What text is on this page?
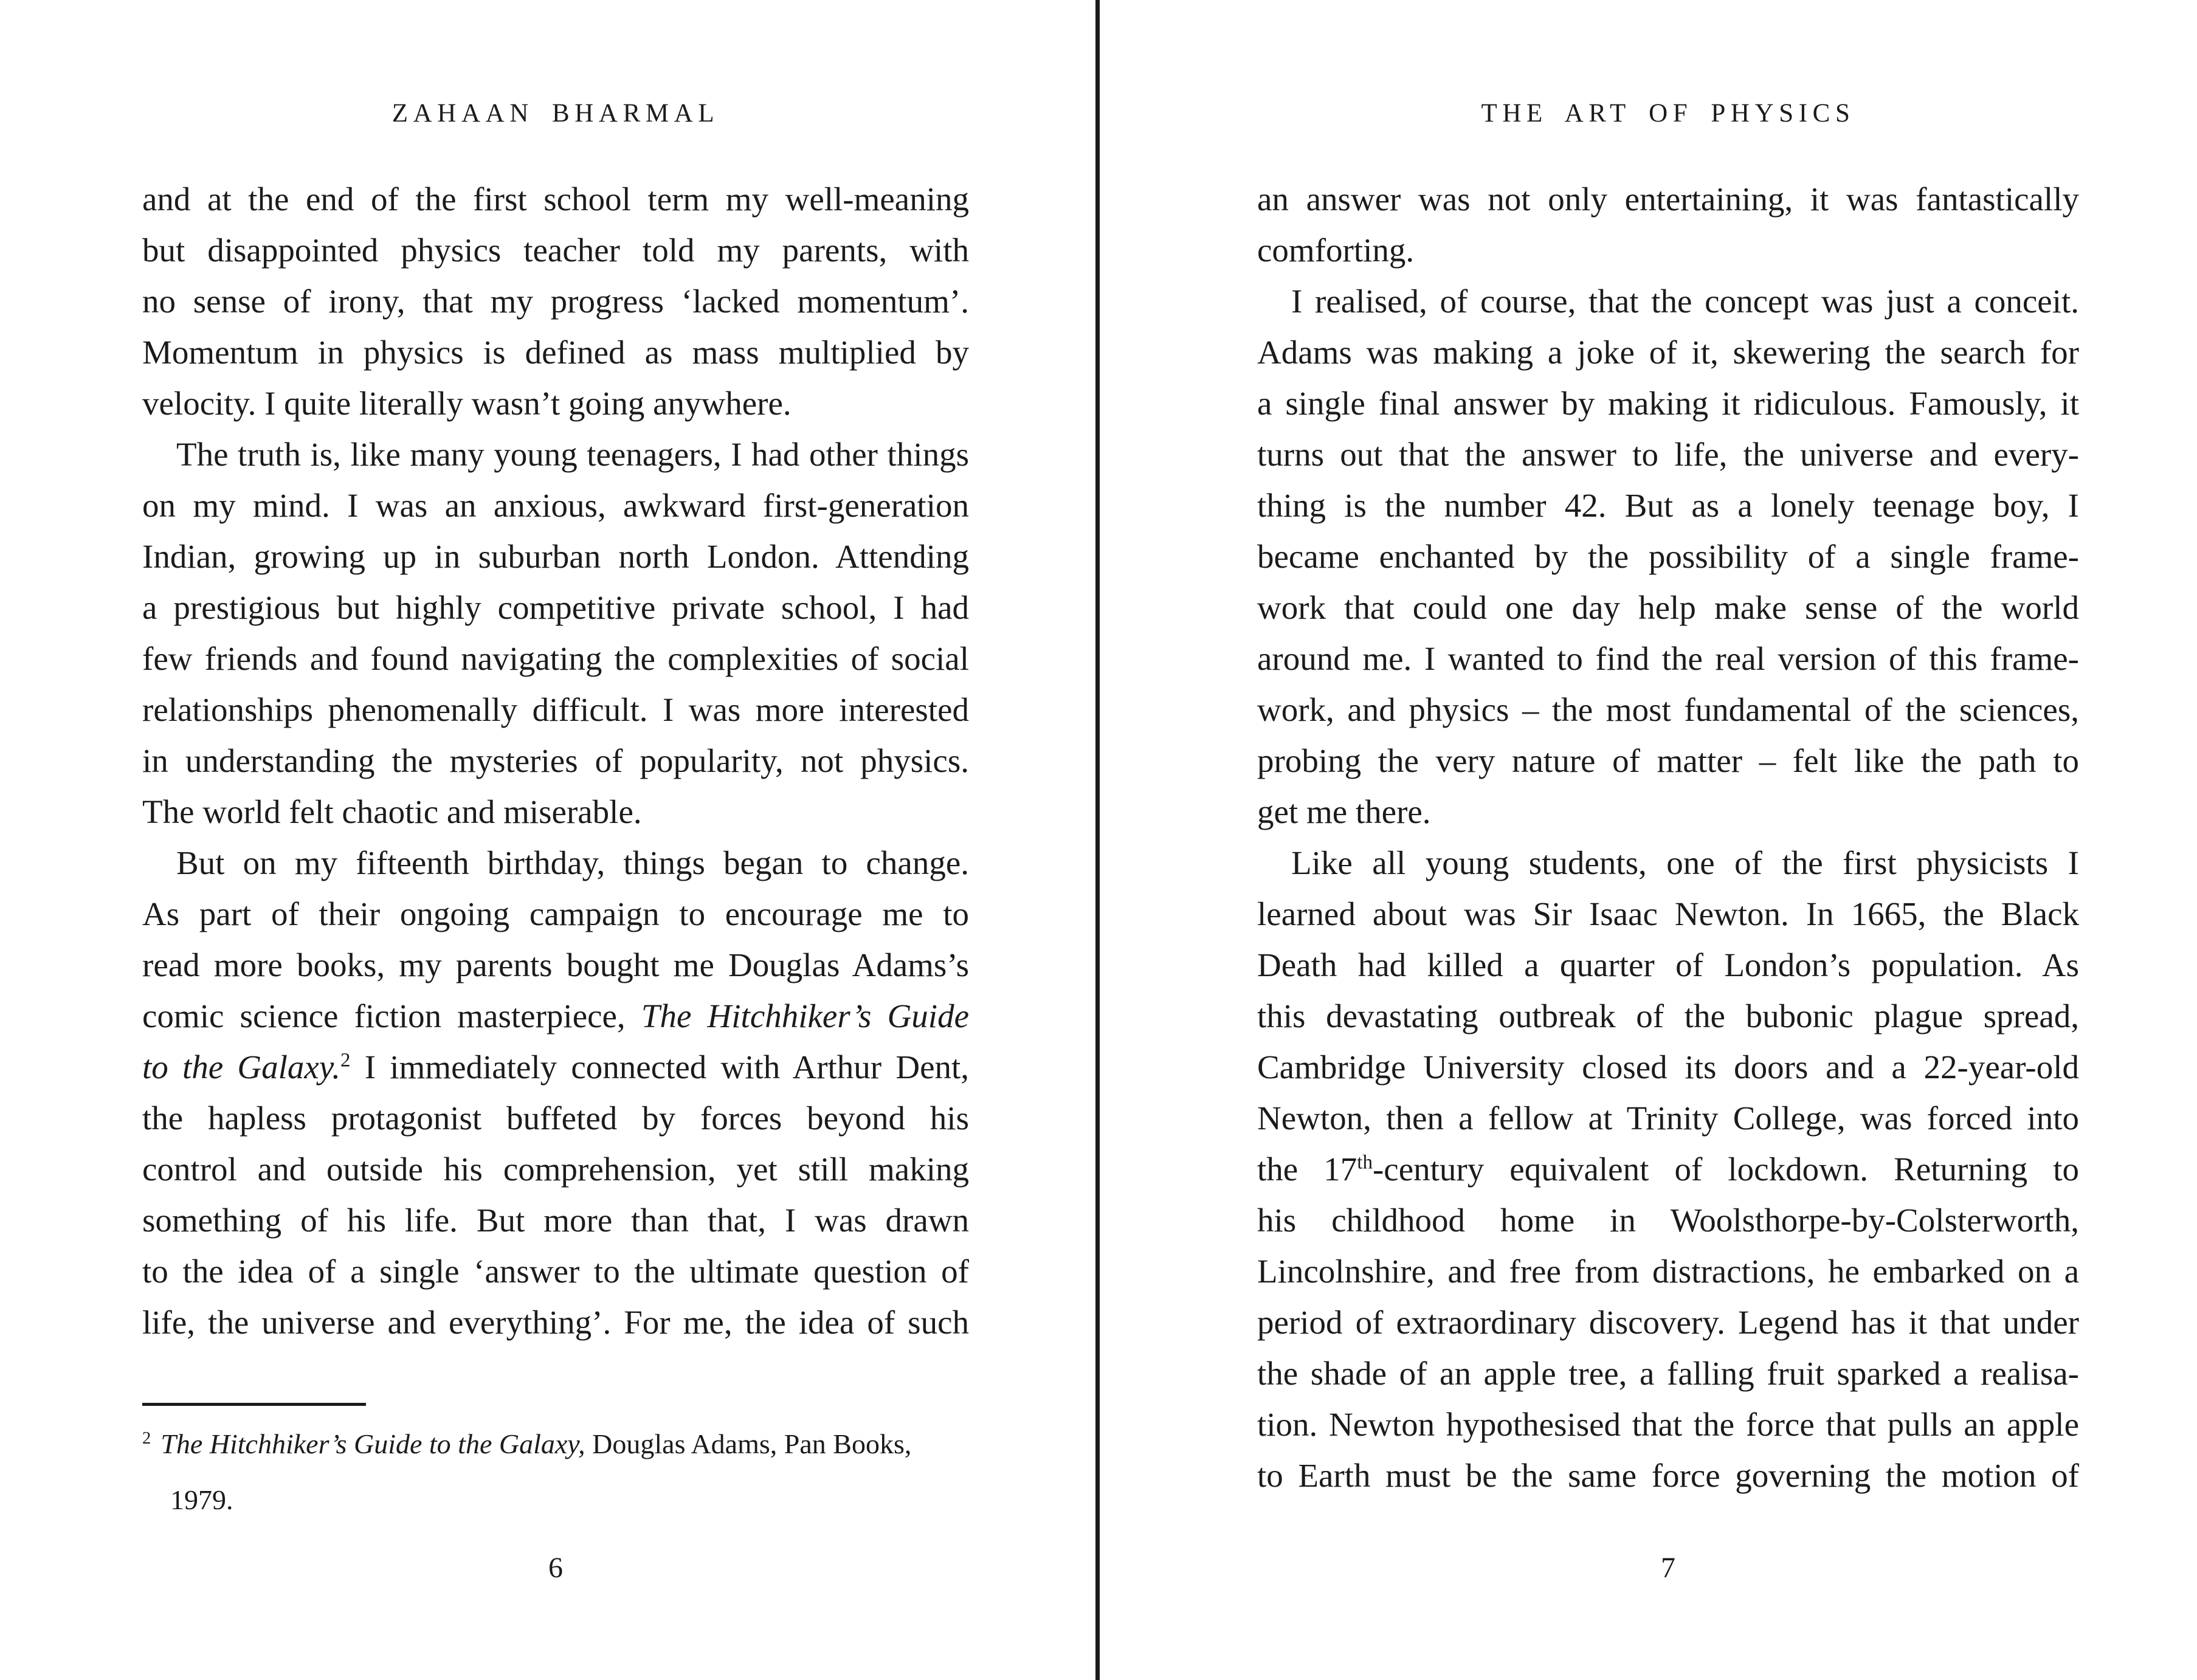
ZAHAAN BHARMAL
and at the end of the first school term my well-meaning
but disappointed physics teacher told my parents, with
no sense of irony, that my progress ‘lacked momentum’.
Momentum in physics is defined as mass multiplied by
velocity. I quite literally wasn’t going anywhere.
The truth is, like many young teenagers, I had other things
on my mind. I was an anxious, awkward first-generation
Indian, growing up in suburban north London. Attending
a prestigious but highly competitive private school, I had
few friends and found navigating the complexities of social
relationships phenomenally difficult. I was more interested
in understanding the mysteries of popularity, not physics.
The world felt chaotic and miserable.
But on my fifteenth birthday, things began to change.
As part of their ongoing campaign to encourage me to
read more books, my parents bought me Douglas Adams’s
comic science fiction masterpiece, The Hitchhiker’s Guide
to the Galaxy.$^2$ I immediately connected with Arthur Dent,
the hapless protagonist buffeted by forces beyond his
control and outside his comprehension, yet still making
something of his life. But more than that, I was drawn
to the idea of a single ‘answer to the ultimate question of
life, the universe and everything’. For me, the idea of such
$^2$ The Hitchhiker’s Guide to the Galaxy, Douglas Adams, Pan Books,
1979.
6
THE ART OF PHYSICS
an answer was not only entertaining, it was fantastically
comforting.
I realised, of course, that the concept was just a conceit.
Adams was making a joke of it, skewering the search for
a single final answer by making it ridiculous. Famously, it
turns out that the answer to life, the universe and every-
thing is the number 42. But as a lonely teenage boy, I
became enchanted by the possibility of a single frame-
work that could one day help make sense of the world
around me. I wanted to find the real version of this frame-
work, and physics – the most fundamental of the sciences,
probing the very nature of matter – felt like the path to
get me there.
Like all young students, one of the first physicists I
learned about was Sir Isaac Newton. In 1665, the Black
Death had killed a quarter of London’s population. As
this devastating outbreak of the bubonic plague spread,
Cambridge University closed its doors and a 22-year-old
Newton, then a fellow at Trinity College, was forced into
the 17th-century equivalent of lockdown. Returning to
his childhood home in Woolsthorpe-by-Colsterworth,
Lincolnshire, and free from distractions, he embarked on a
period of extraordinary discovery. Legend has it that under
the shade of an apple tree, a falling fruit sparked a realisa-
tion. Newton hypothesised that the force that pulls an apple
to Earth must be the same force governing the motion of
7
